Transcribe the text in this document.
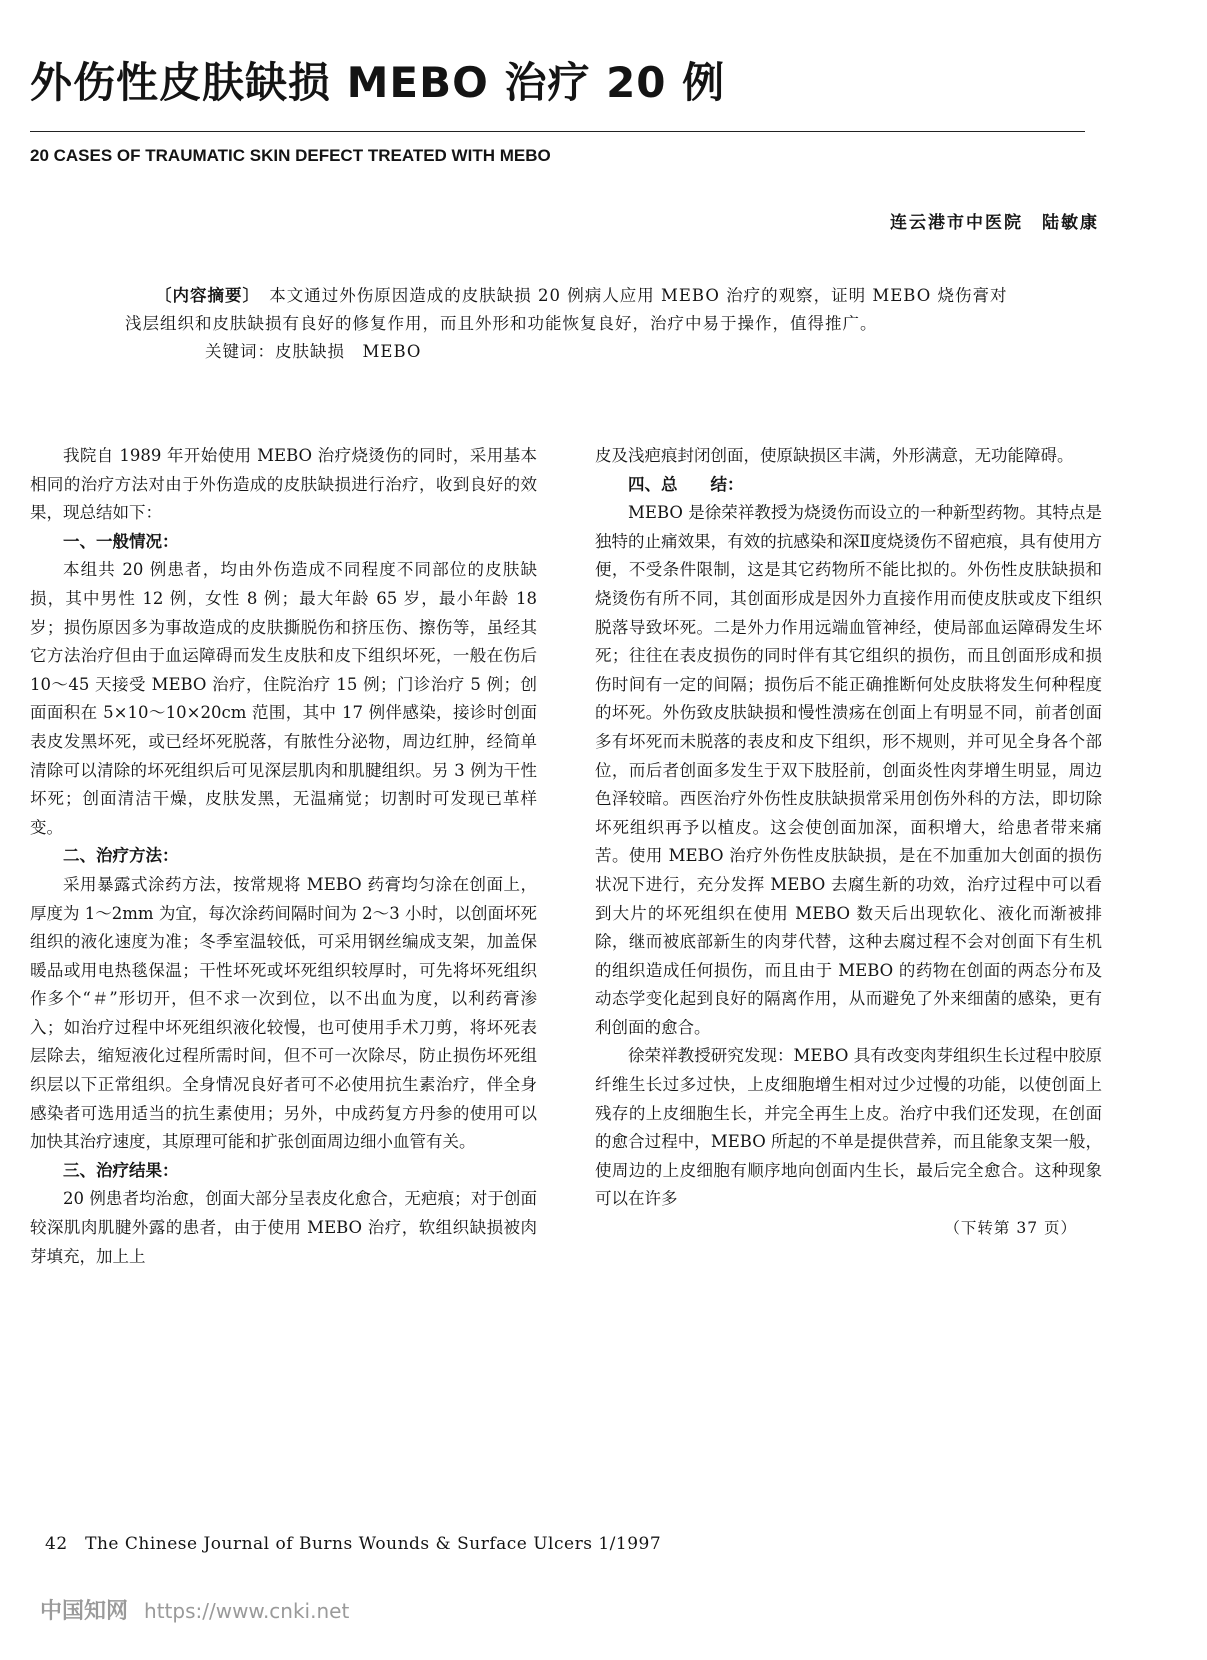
外伤性皮肤缺损 MEBO 治疗 20 例
20 CASES OF TRAUMATIC SKIN DEFECT TREATED WITH MEBO
连云港市中医院　陆敏康

〔内容摘要〕　 本文通过外伤原因造成的皮肤缺损 20 例病人应用 MEBO 治疗的观察，证明 MEBO 烧伤膏对浅层组织和皮肤缺损有良好的修复作用，而且外形和功能恢复良好，治疗中易于操作，值得推广。

关键词：皮肤缺损　MEBO

我院自 1989 年开始使用 MEBO 治疗烧烫伤的同时，采用基本相同的治疗方法对由于外伤造成的皮肤缺损进行治疗，收到良好的效果，现总结如下：

一、一般情况：

本组共 20 例患者，均由外伤造成不同程度不同部位的皮肤缺损，其中男性 12 例，女性 8 例；最大年龄 65 岁，最小年龄 18 岁；损伤原因多为事故造成的皮肤撕脱伤和挤压伤、擦伤等，虽经其它方法治疗但由于血运障碍而发生皮肤和皮下组织坏死，一般在伤后 10～45 天接受 MEBO 治疗，住院治疗 15 例；门诊治疗 5 例；创面面积在 5×10～10×20cm 范围，其中 17 例伴感染，接诊时创面表皮发黑坏死，或已经坏死脱落，有脓性分泌物，周边红肿，经简单清除可以清除的坏死组织后可见深层肌肉和肌腱组织。另 3 例为干性坏死；创面清洁干燥，皮肤发黑，无温痛觉；切割时可发现已革样变。

二、治疗方法：

采用暴露式涂药方法，按常规将 MEBO 药膏均匀涂在创面上，厚度为 1～2mm 为宜，每次涂药间隔时间为 2～3 小时，以创面坏死组织的液化速度为准；冬季室温较低，可采用钢丝编成支架，加盖保暖品或用电热毯保温；干性坏死或坏死组织较厚时，可先将坏死组织作多个“＃”形切开，但不求一次到位，以不出血为度，以利药膏渗入；如治疗过程中坏死组织液化较慢，也可使用手术刀剪，将坏死表层除去，缩短液化过程所需时间，但不可一次除尽，防止损伤坏死组织层以下正常组织。全身情况良好者可不必使用抗生素治疗，伴全身感染者可选用适当的抗生素使用；另外，中成药复方丹参的使用可以加快其治疗速度，其原理可能和扩张创面周边细小血管有关。

三、治疗结果：

20 例患者均治愈，创面大部分呈表皮化愈合，无疤痕；对于创面较深肌肉肌腱外露的患者，由于使用 MEBO 治疗，软组织缺损被肉芽填充，加上上

皮及浅疤痕封闭创面，使原缺损区丰满，外形满意，无功能障碍。

四、总　　结：

MEBO 是徐荣祥教授为烧烫伤而设立的一种新型药物。其特点是独特的止痛效果，有效的抗感染和深Ⅱ度烧烫伤不留疤痕，具有使用方便，不受条件限制，这是其它药物所不能比拟的。外伤性皮肤缺损和烧烫伤有所不同，其创面形成是因外力直接作用而使皮肤或皮下组织脱落导致坏死。二是外力作用远端血管神经，使局部血运障碍发生坏死；往往在表皮损伤的同时伴有其它组织的损伤，而且创面形成和损伤时间有一定的间隔；损伤后不能正确推断何处皮肤将发生何种程度的坏死。外伤致皮肤缺损和慢性溃疡在创面上有明显不同，前者创面多有坏死而未脱落的表皮和皮下组织，形不规则，并可见全身各个部位，而后者创面多发生于双下肢胫前，创面炎性肉芽增生明显，周边色泽较暗。西医治疗外伤性皮肤缺损常采用创伤外科的方法，即切除坏死组织再予以植皮。这会使创面加深，面积增大，给患者带来痛苦。使用 MEBO 治疗外伤性皮肤缺损，是在不加重加大创面的损伤状况下进行，充分发挥 MEBO 去腐生新的功效，治疗过程中可以看到大片的坏死组织在使用 MEBO 数天后出现软化、液化而渐被排除，继而被底部新生的肉芽代替，这种去腐过程不会对创面下有生机的组织造成任何损伤，而且由于 MEBO 的药物在创面的两态分布及动态学变化起到良好的隔离作用，从而避免了外来细菌的感染，更有利创面的愈合。

徐荣祥教授研究发现：MEBO 具有改变肉芽组织生长过程中胶原纤维生长过多过快，上皮细胞增生相对过少过慢的功能，以使创面上残存的上皮细胞生长，并完全再生上皮。治疗中我们还发现，在创面的愈合过程中，MEBO 所起的不单是提供营养，而且能象支架一般，使周边的上皮细胞有顺序地向创面内生长，最后完全愈合。这种现象可以在许多

（下转第 37 页）

42　The Chinese Journal of Burns Wounds & Surface Ulcers 1/1997

中国知网 https://www.cnki.net
